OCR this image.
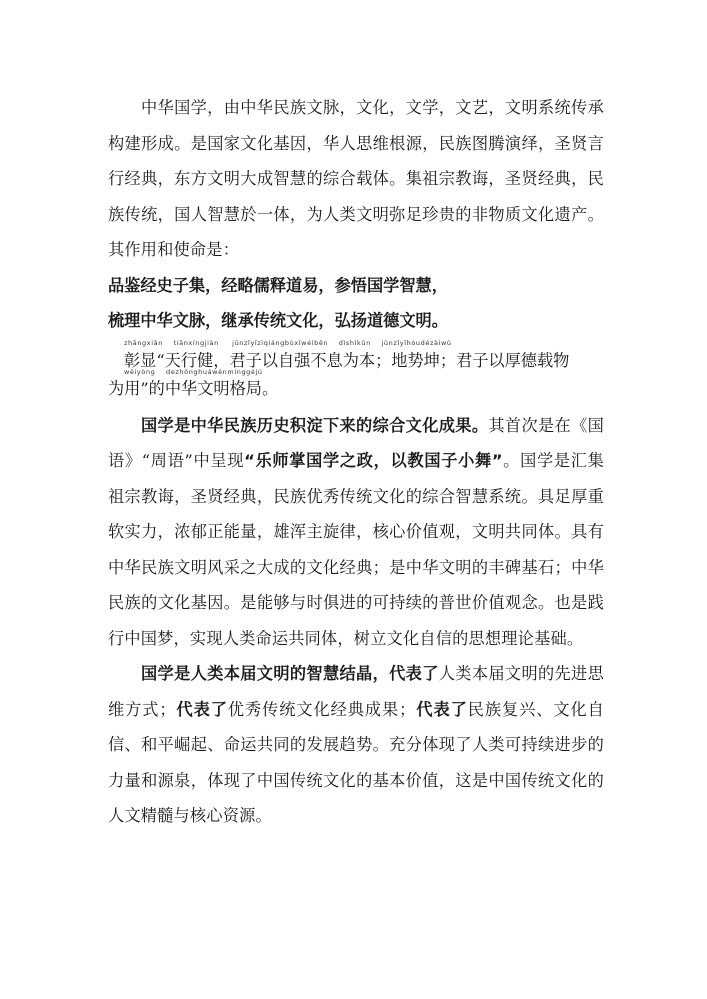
中华国学，由中华民族文脉，文化，文学，文艺，文明系统传承构建形成。是国家文化基因，华人思维根源，民族图腾演绎，圣贤言行经典，东方文明大成智慧的综合载体。集祖宗教诲，圣贤经典，民族传统，国人智慧於一体，为人类文明弥足珍贵的非物质文化遗产。其作用和使命是：

品鉴经史子集，经略儒释道易，参悟国学智慧，

梳理中华文脉，继承传统文化，弘扬道德文明。

zhāngxiǎn    tiānxíngjiàn     jūnzǐyǐzìqiángbùxīwéiběn    dìshìkūn    jūnzǐyǐhòudézàiwù
彰显“天行健，君子以自强不息为本；地势坤；君子以厚德载物
wéiyòng    dezhōnghuáwénmínggéjú
为用”的中华文明格局。

国学是中华民族历史积淀下来的综合文化成果。其首次是在《国语》“周语”中呈现“乐师掌国学之政，以教国子小舞”。国学是汇集祖宗教诲，圣贤经典，民族优秀传统文化的综合智慧系统。具足厚重软实力，浓郁正能量，雄浑主旋律，核心价值观，文明共同体。具有中华民族文明风采之大成的文化经典；是中华文明的丰碑基石；中华民族的文化基因。是能够与时俱进的可持续的普世价值观念。也是践行中国梦，实现人类命运共同体，树立文化自信的思想理论基础。

国学是人类本届文明的智慧结晶，代表了人类本届文明的先进思维方式；代表了优秀传统文化经典成果；代表了民族复兴、文化自信、和平崛起、命运共同的发展趋势。充分体现了人类可持续进步的力量和源泉，体现了中国传统文化的基本价值，这是中国传统文化的人文精髓与核心资源。
